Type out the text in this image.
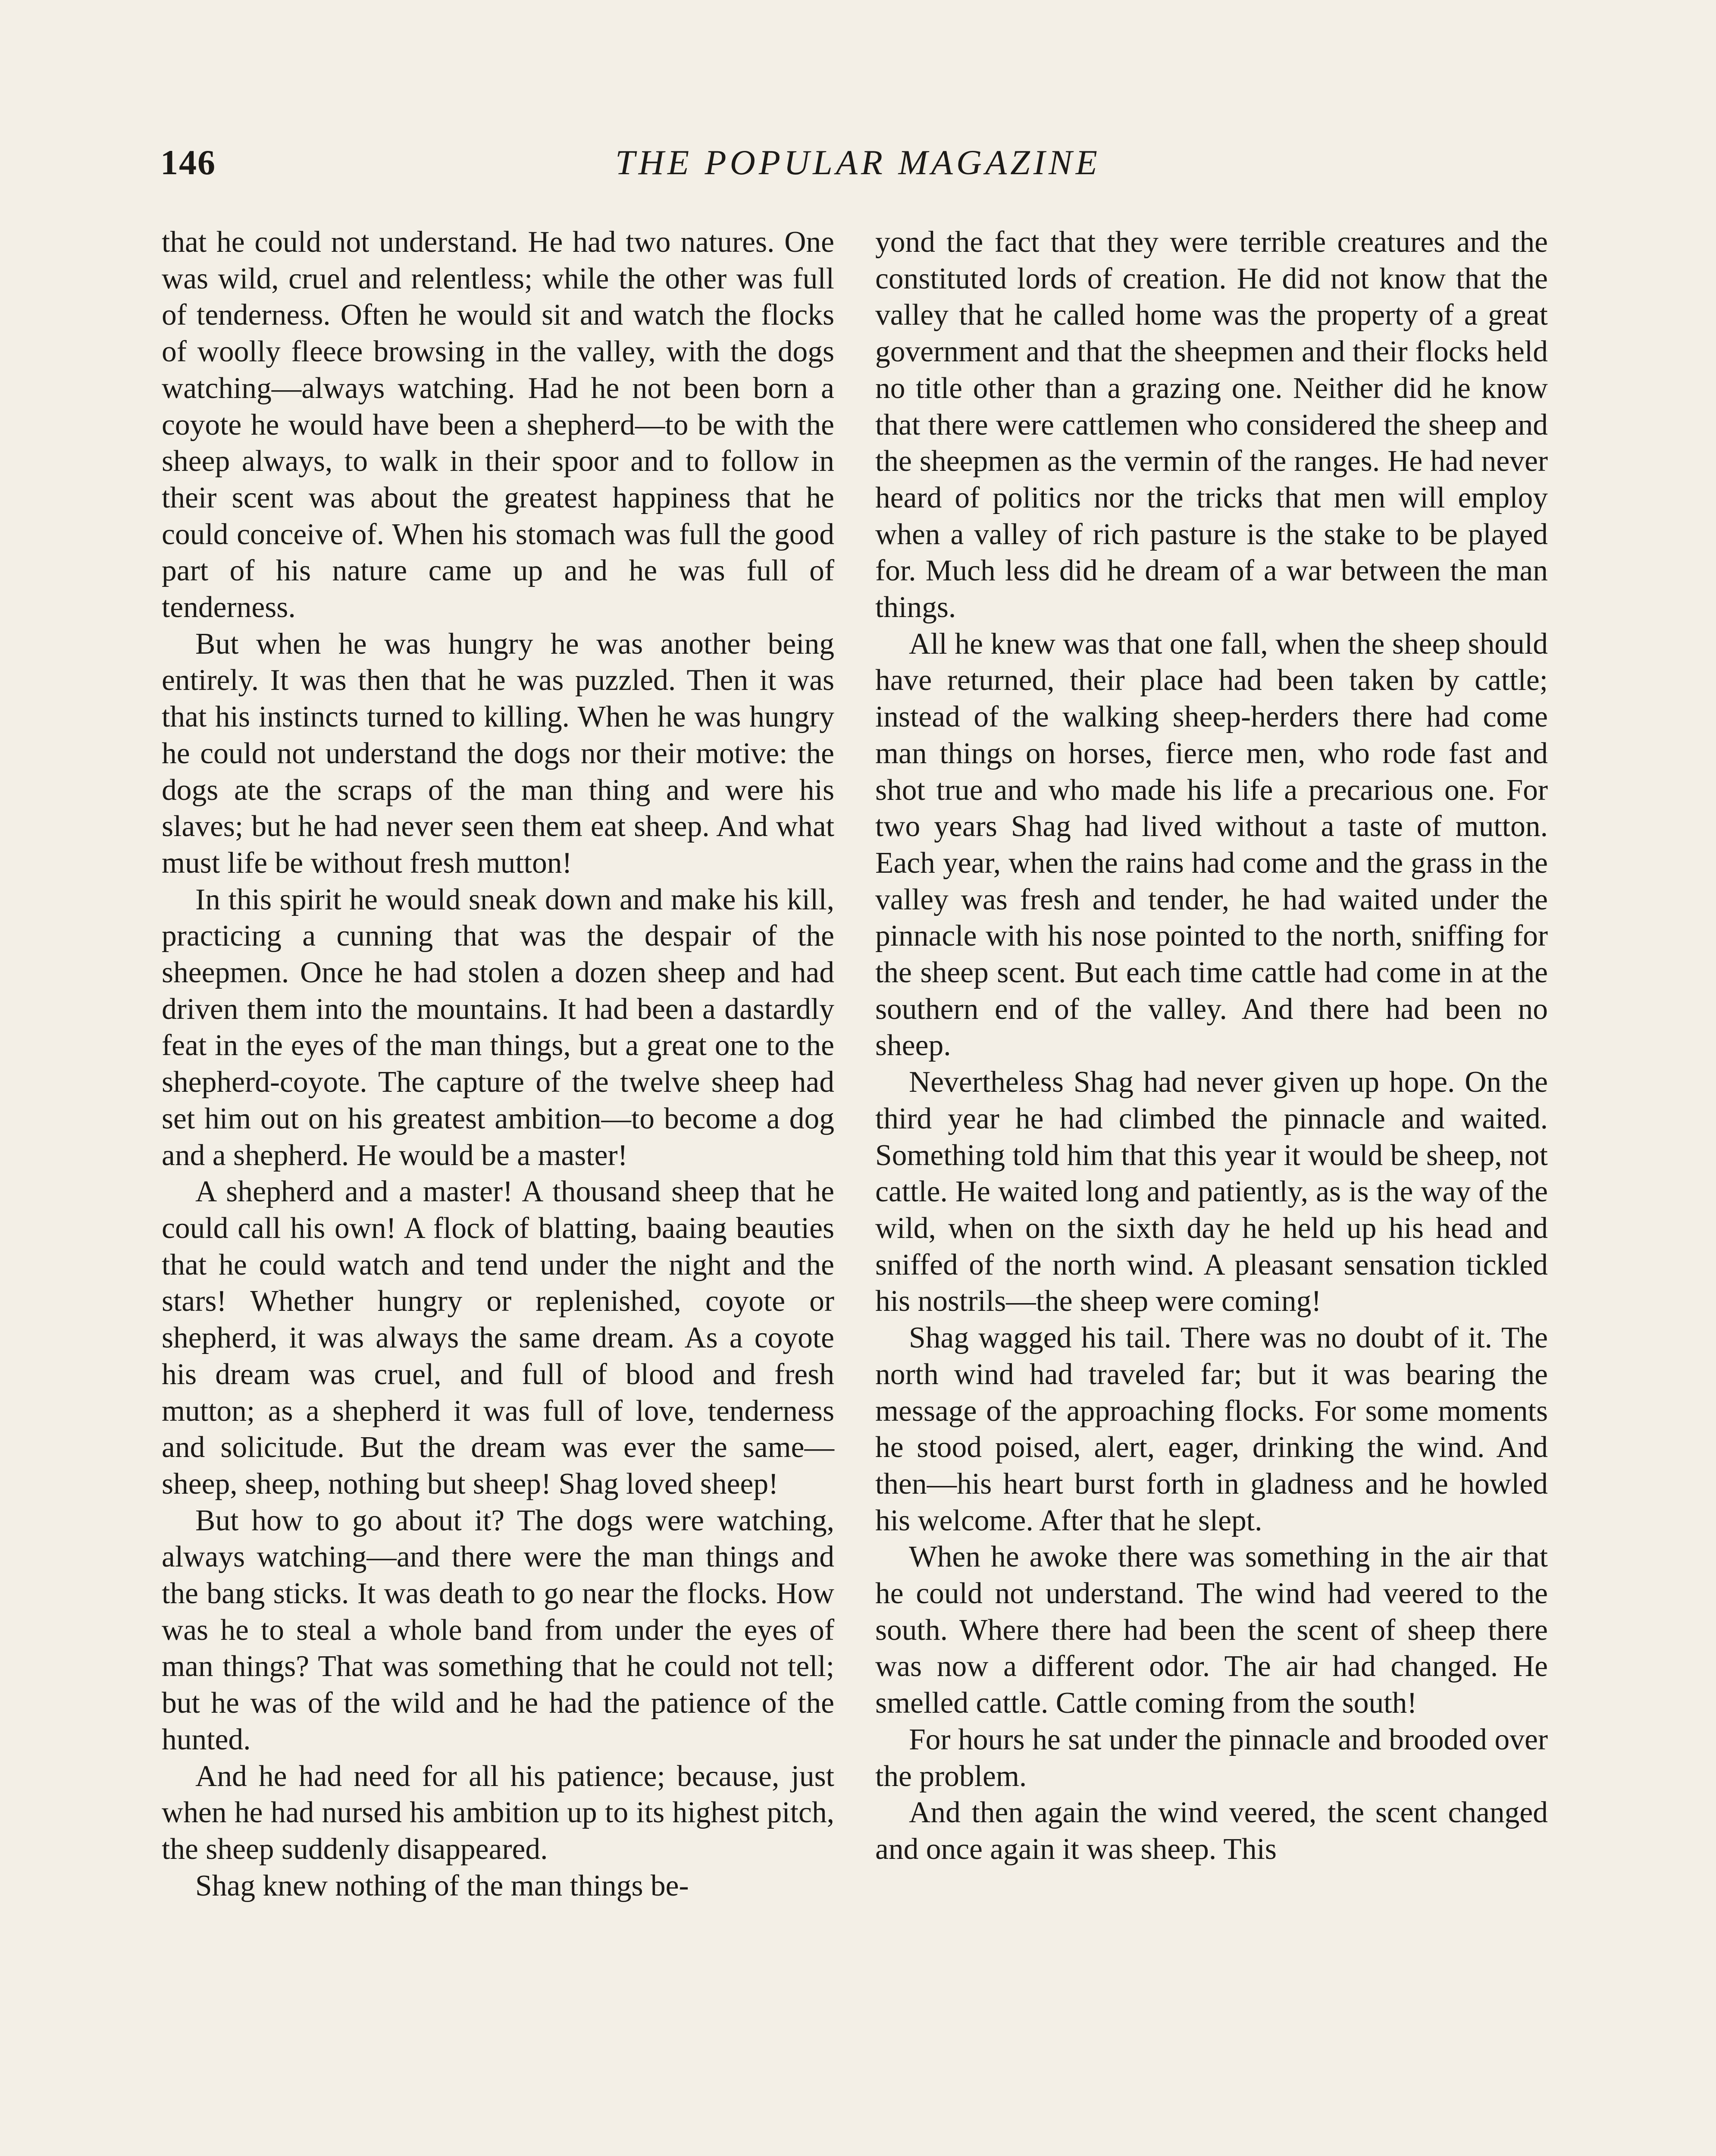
146	THE POPULAR MAGAZINE

that he could not understand. He had two natures. One was wild, cruel and relentless; while the other was full of tenderness. Often he would sit and watch the flocks of woolly fleece browsing in the valley, with the dogs watching—always watching. Had he not been born a coyote he would have been a shepherd—to be with the sheep always, to walk in their spoor and to follow in their scent was about the greatest happiness that he could conceive of. When his stomach was full the good part of his nature came up and he was full of tenderness.

But when he was hungry he was another being entirely. It was then that he was puzzled. Then it was that his instincts turned to killing. When he was hungry he could not understand the dogs nor their motive: the dogs ate the scraps of the man thing and were his slaves; but he had never seen them eat sheep. And what must life be without fresh mutton!

In this spirit he would sneak down and make his kill, practicing a cunning that was the despair of the sheepmen. Once he had stolen a dozen sheep and had driven them into the mountains. It had been a dastardly feat in the eyes of the man things, but a great one to the shepherd-coyote. The capture of the twelve sheep had set him out on his greatest ambition—to become a dog and a shepherd. He would be a master!

A shepherd and a master! A thousand sheep that he could call his own! A flock of blatting, baaing beauties that he could watch and tend under the night and the stars! Whether hungry or replenished, coyote or shepherd, it was always the same dream. As a coyote his dream was cruel, and full of blood and fresh mutton; as a shepherd it was full of love, tenderness and solicitude. But the dream was ever the same—sheep, sheep, nothing but sheep! Shag loved sheep!

But how to go about it? The dogs were watching, always watching—and there were the man things and the bang sticks. It was death to go near the flocks. How was he to steal a whole band from under the eyes of man things? That was something that he could not tell; but he was of the wild and he had the patience of the hunted.

And he had need for all his patience; because, just when he had nursed his ambition up to its highest pitch, the sheep suddenly disappeared.

Shag knew nothing of the man things be-

yond the fact that they were terrible creatures and the constituted lords of creation. He did not know that the valley that he called home was the property of a great government and that the sheepmen and their flocks held no title other than a grazing one. Neither did he know that there were cattlemen who considered the sheep and the sheepmen as the vermin of the ranges. He had never heard of politics nor the tricks that men will employ when a valley of rich pasture is the stake to be played for. Much less did he dream of a war between the man things.

All he knew was that one fall, when the sheep should have returned, their place had been taken by cattle; instead of the walking sheep-herders there had come man things on horses, fierce men, who rode fast and shot true and who made his life a precarious one. For two years Shag had lived without a taste of mutton. Each year, when the rains had come and the grass in the valley was fresh and tender, he had waited under the pinnacle with his nose pointed to the north, sniffing for the sheep scent. But each time cattle had come in at the southern end of the valley. And there had been no sheep.

Nevertheless Shag had never given up hope. On the third year he had climbed the pinnacle and waited. Something told him that this year it would be sheep, not cattle. He waited long and patiently, as is the way of the wild, when on the sixth day he held up his head and sniffed of the north wind. A pleasant sensation tickled his nostrils—the sheep were coming!

Shag wagged his tail. There was no doubt of it. The north wind had traveled far; but it was bearing the message of the approaching flocks. For some moments he stood poised, alert, eager, drinking the wind. And then—his heart burst forth in gladness and he howled his welcome. After that he slept.

When he awoke there was something in the air that he could not understand. The wind had veered to the south. Where there had been the scent of sheep there was now a different odor. The air had changed. He smelled cattle. Cattle coming from the south!

For hours he sat under the pinnacle and brooded over the problem.

And then again the wind veered, the scent changed and once again it was sheep. This
